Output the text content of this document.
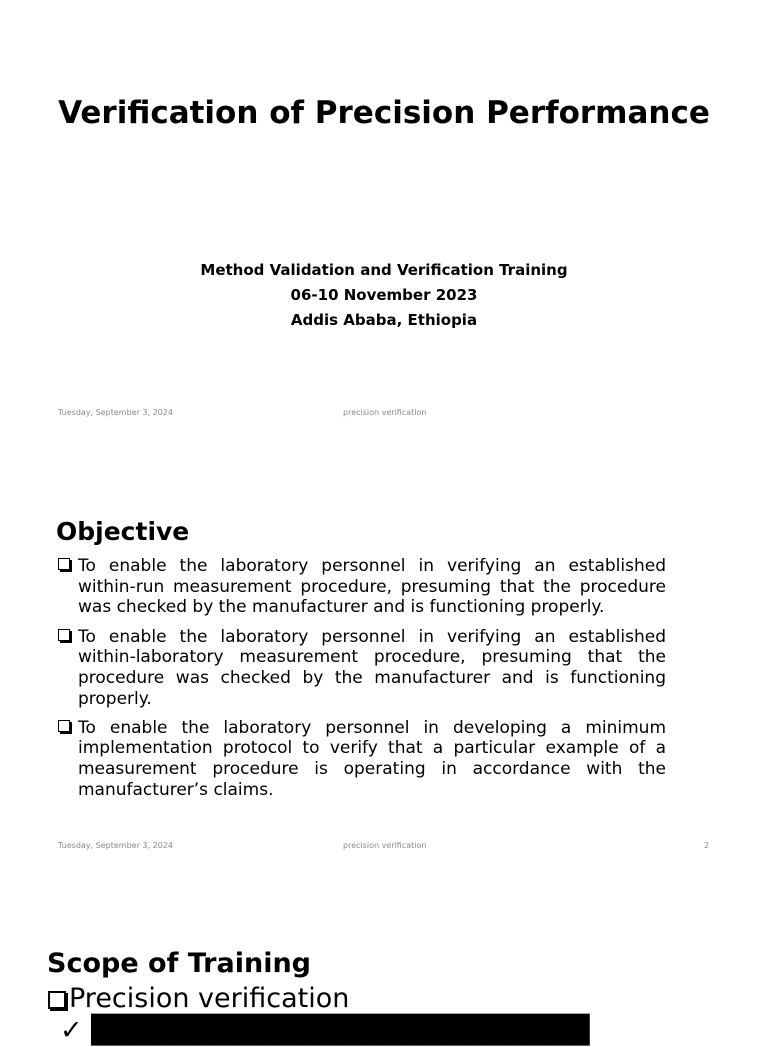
Verification of Precision Performance
Method Validation and Verification Training
06-10 November 2023
Addis Ababa, Ethiopia
Tuesday, September 3, 2024	precision verification
Objective
To enable the laboratory personnel in verifying an established within-run measurement procedure, presuming that the procedure was checked by the manufacturer and is functioning properly.
To enable the laboratory personnel in verifying an established within-laboratory measurement procedure, presuming that the procedure was checked by the manufacturer and is functioning properly.
To enable the laboratory personnel in developing a minimum implementation protocol to verify that a particular example of a measurement procedure is operating in accordance with the manufacturer’s claims.
Tuesday, September 3, 2024	precision verification	2
Scope of Training
Precision verification
✓ ████████████████████████
